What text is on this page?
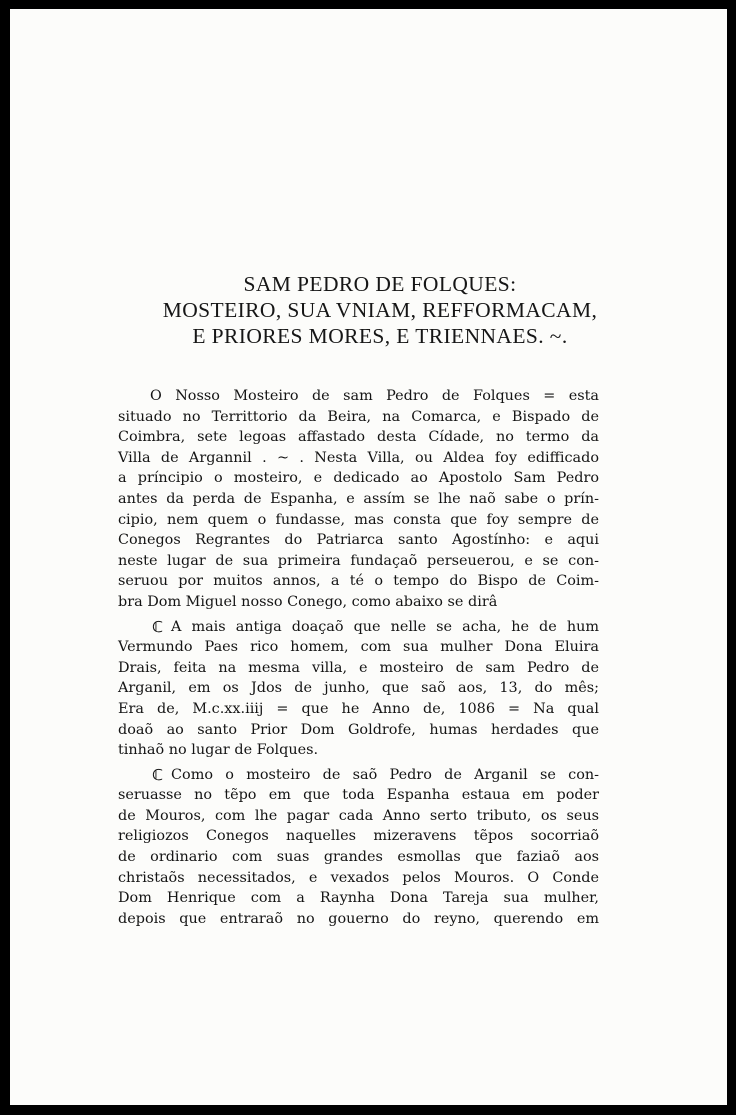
SAM PEDRO DE FOLQUES:
MOSTEIRO, SUA VNIAM, REFFORMACAM,
E PRIORES MORES, E TRIENNAES. ~.
O Nosso Mosteiro de sam Pedro de Folques = esta
situado no Territtorio da Beira, na Comarca, e Bispado de
Coimbra, sete legoas affastado desta Cídade, no termo da
Villa de Argannil . ~ . Nesta Villa, ou Aldea foy edifficado
a príncipio o mosteiro, e dedicado ao Apostolo Sam Pedro
antes da perda de Espanha, e assím se lhe naõ sabe o prín-
cipio, nem quem o fundasse, mas consta que foy sempre de
Conegos Regrantes do Patriarca santo Agostínho: e aqui
neste lugar de sua primeira fundaçaõ perseuerou, e se con-
seruou por muitos annos, a té o tempo do Bispo de Coim-
bra Dom Miguel nosso Conego, como abaixo se dirâ
ℂ A mais antiga doaçaõ que nelle se acha, he de hum
Vermundo Paes rico homem, com sua mulher Dona Eluira
Drais, feita na mesma villa, e mosteiro de sam Pedro de
Arganil, em os Jdos de junho, que saõ aos, 13, do mês;
Era de, M.c.xx.iiij = que he Anno de, 1086 = Na qual
doaõ ao santo Prior Dom Goldrofe, humas herdades que
tinhaõ no lugar de Folques.
ℂ Como o mosteiro de saõ Pedro de Arganil se con-
seruasse no tẽpo em que toda Espanha estaua em poder
de Mouros, com lhe pagar cada Anno serto tributo, os seus
religiozos Conegos naquelles mizeravens tẽpos socorriaõ
de ordinario com suas grandes esmollas que faziaõ aos
christaõs necessitados, e vexados pelos Mouros. O Conde
Dom Henrique com a Raynha Dona Tareja sua mulher,
depois que entraraõ no gouerno do reyno, querendo em
